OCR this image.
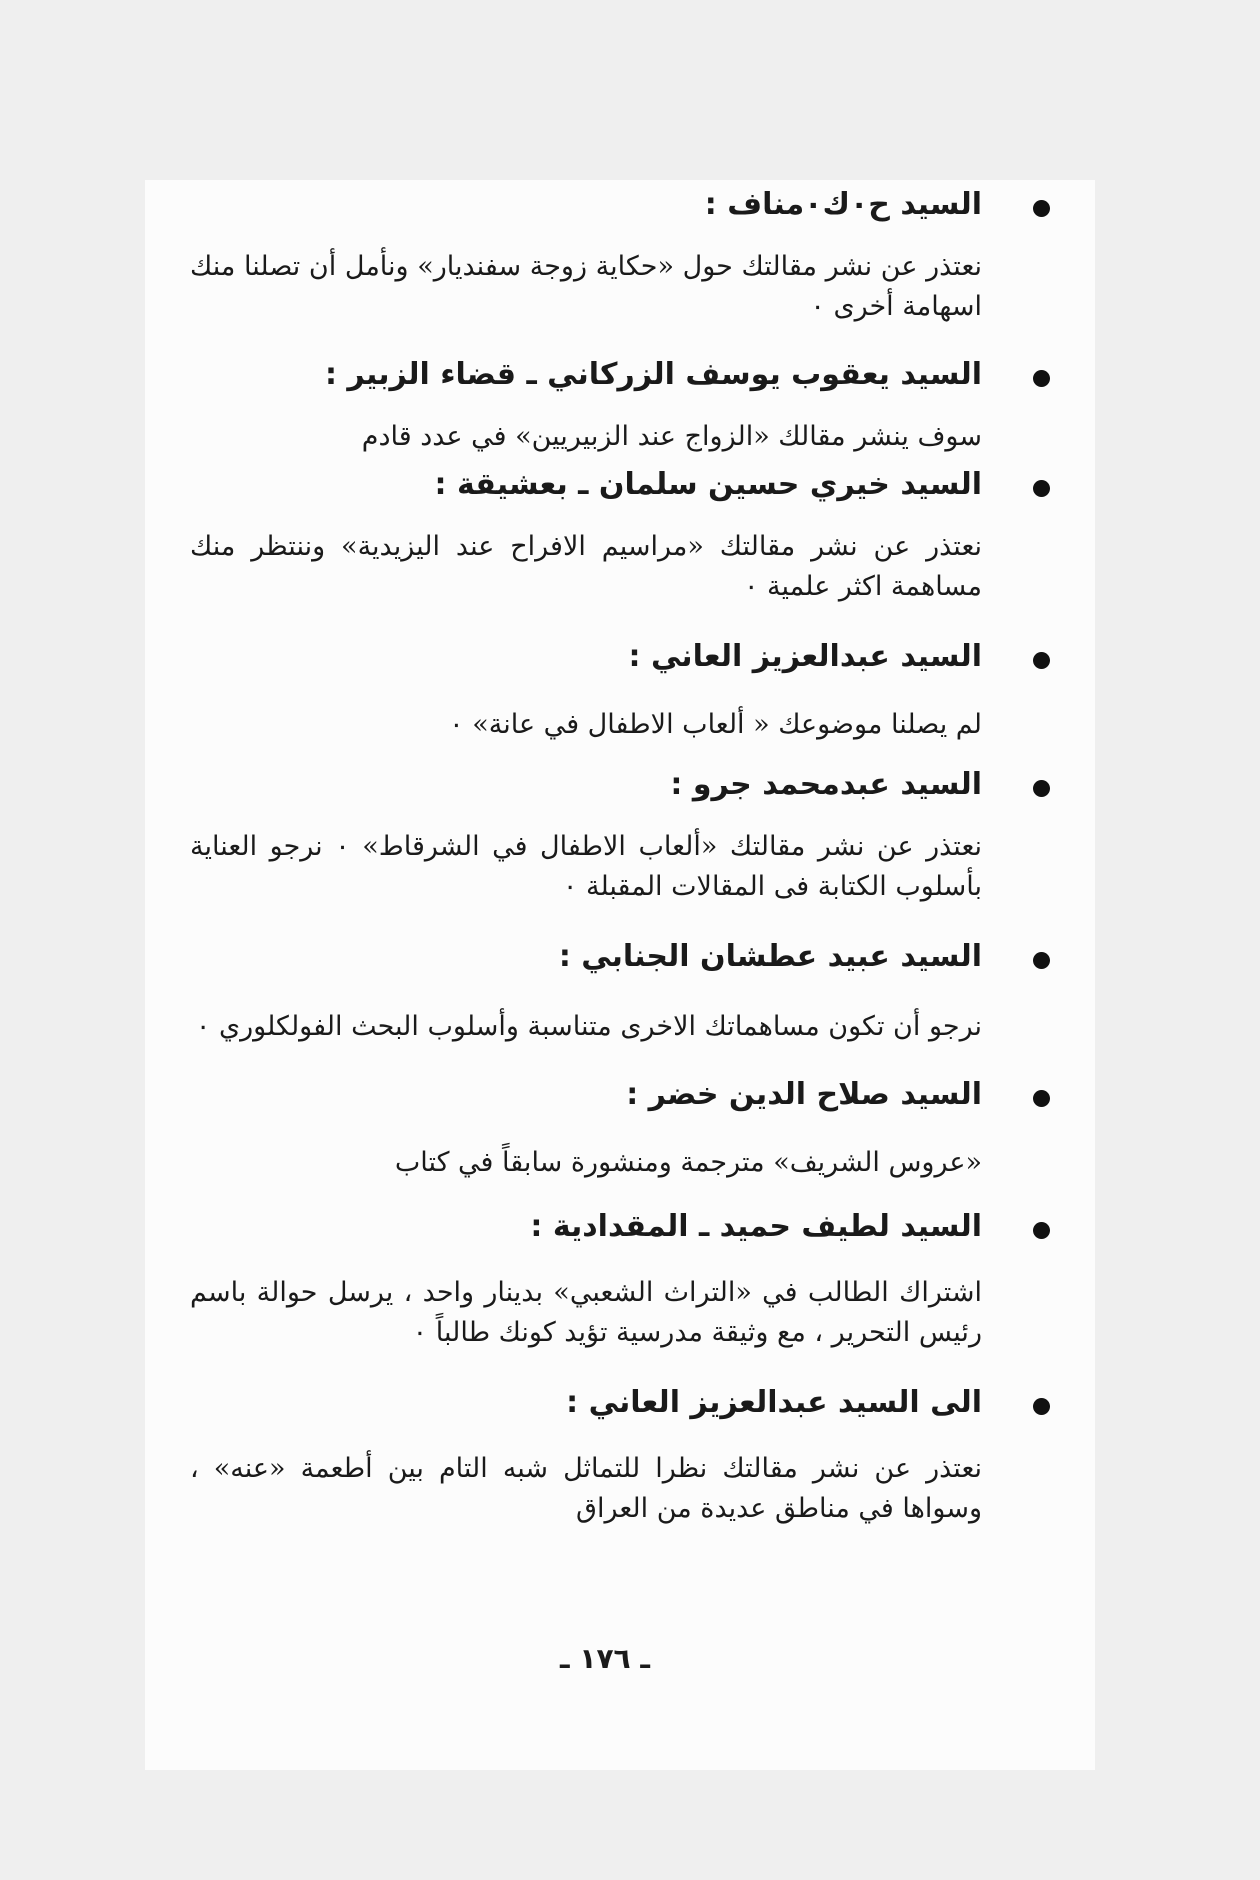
السيد ح٠ك٠مناف :
نعتذر عن نشر مقالتك حول «حكاية زوجة سفنديار» ونأمل أن تصلنا منك اسهامة أخرى ٠
السيد يعقوب يوسف الزركاني ـ قضاء الزبير :
سوف ينشر مقالك «الزواج عند الزبيريين» في عدد قادم
السيد خيري حسين سلمان ـ بعشيقة :
نعتذر عن نشر مقالتك «مراسيم الافراح عند اليزيدية» وننتظر منك مساهمة اكثر علمية ٠
السيد عبدالعزيز العاني :
لم يصلنا موضوعك « ألعاب الاطفال في عانة» ٠
السيد عبدمحمد جرو :
نعتذر عن نشر مقالتك «ألعاب الاطفال في الشرقاط» ٠ نرجو العناية بأسلوب الكتابة فى المقالات المقبلة ٠
السيد عبيد عطشان الجنابي :
نرجو أن تكون مساهماتك الاخرى متناسبة وأسلوب البحث الفولكلوري ٠
السيد صلاح الدين خضر :
«عروس الشريف» مترجمة ومنشورة سابقاً في كتاب
السيد لطيف حميد ـ المقدادية :
اشتراك الطالب في «التراث الشعبي» بدينار واحد ، يرسل حوالة باسم رئيس التحرير ، مع وثيقة مدرسية تؤيد كونك طالباً ٠
الى السيد عبدالعزيز العاني :
نعتذر عن نشر مقالتك نظرا للتماثل شبه التام بين أطعمة «عنه» ، وسواها في مناطق عديدة من العراق
ـ ١٧٦ ـ
